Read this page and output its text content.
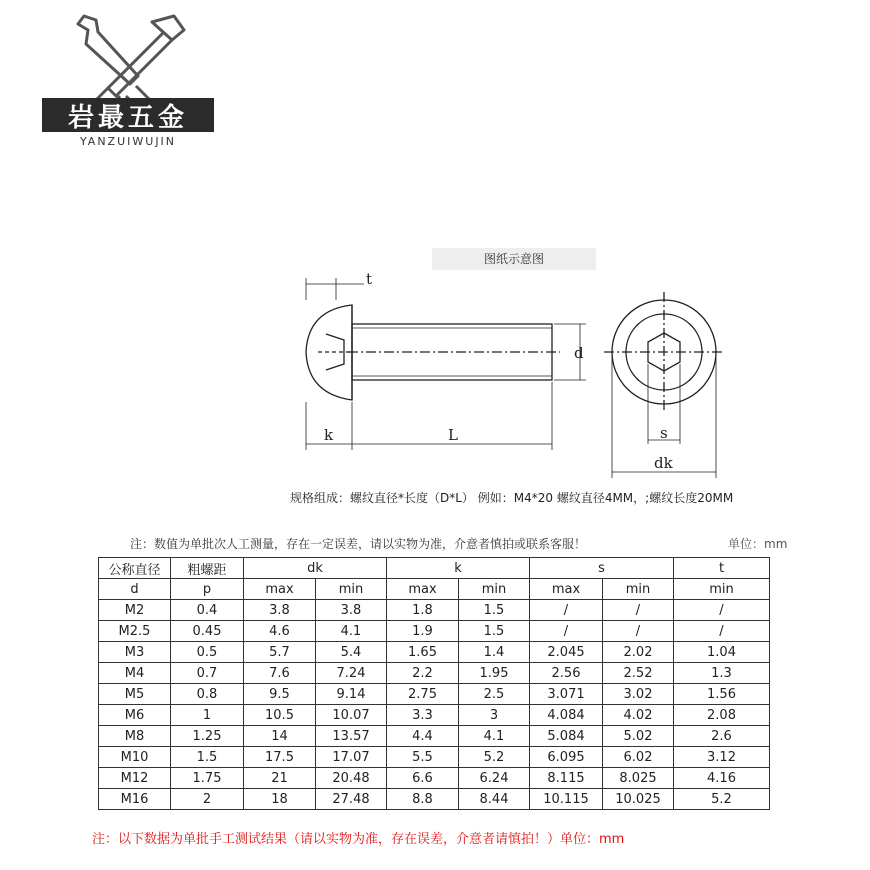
岩最五金
YANZUIWUJIN
图纸示意图
t
d
k	L	s
dk
规格组成：螺纹直径*长度（D*L） 例如：M4*20 螺纹直径4MM，;螺纹长度20MM
注：数值为单批次人工测量，存在一定误差，请以实物为准，介意者慎拍或联系客服！	单位：mm
公称直径	粗螺距	dk		k		s		t
d	p	max	min	max	min	max	min	min
M2	0.4	3.8	3.8	1.8	1.5	/	/	/
M2.5	0.45	4.6	4.1	1.9	1.5	/	/	/
M3	0.5	5.7	5.4	1.65	1.4	2.045	2.02	1.04
M4	0.7	7.6	7.24	2.2	1.95	2.56	2.52	1.3
M5	0.8	9.5	9.14	2.75	2.5	3.071	3.02	1.56
M6	1	10.5	10.07	3.3	3	4.084	4.02	2.08
M8	1.25	14	13.57	4.4	4.1	5.084	5.02	2.6
M10	1.5	17.5	17.07	5.5	5.2	6.095	6.02	3.12
M12	1.75	21	20.48	6.6	6.24	8.115	8.025	4.16
M16	2	18	27.48	8.8	8.44	10.115	10.025	5.2
注：以下数据为单批手工测试结果（请以实物为准，存在误差，介意者请慎拍！）单位：mm
